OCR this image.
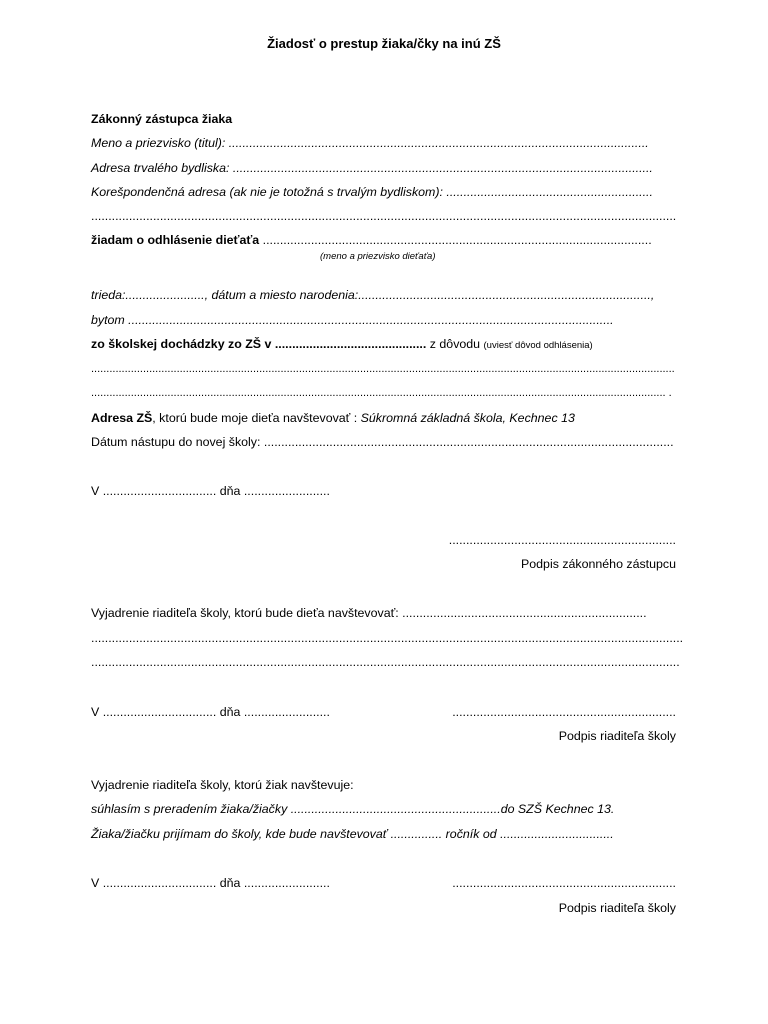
Žiadosť o prestup žiaka/čky na inú ZŠ
Zákonný zástupca žiaka
Meno a priezvisko (titul): ..........................................................................................................................
Adresa trvalého bydliska: ..........................................................................................................................
Korešpondenčná adresa (ak nie je totožná s trvalým bydliskom): ............................................................
..........................................................................................................................................................................
žiadam o odhlásenie dieťaťa .................................................................................................................
(meno a priezvisko dieťaťa)
trieda:......................., dátum a miesto narodenia:.....................................................................................,
bytom .............................................................................................................................................
zo školskej dochádzky zo ZŠ v ............................................ z dôvodu (uviesť dôvod odhlásenia)
...............................................................................................................................................................................................
............................................................................................................................................................................................ .
Adresa ZŠ, ktorú bude moje dieťa navštevovať : Súkromná základná škola, Kechnec 13
Dátum nástupu do novej školy: .......................................................................................................................
V ................................. dňa .........................
..................................................................
Podpis zákonného zástupcu
Vyjadrenie riaditeľa školy, ktorú bude dieťa navštevovať: .......................................................................
............................................................................................................................................................................
...........................................................................................................................................................................
V ................................. dňa .........................	.................................................................
Podpis riaditeľa školy
Vyjadrenie riaditeľa školy, ktorú žiak navštevuje:
súhlasím s preradením žiaka/žiačky .............................................................do SZŠ Kechnec 13.
Žiaka/žiačku prijímam do školy, kde bude navštevovať ............... ročník od .................................
V ................................. dňa .........................	.................................................................
Podpis riaditeľa školy
